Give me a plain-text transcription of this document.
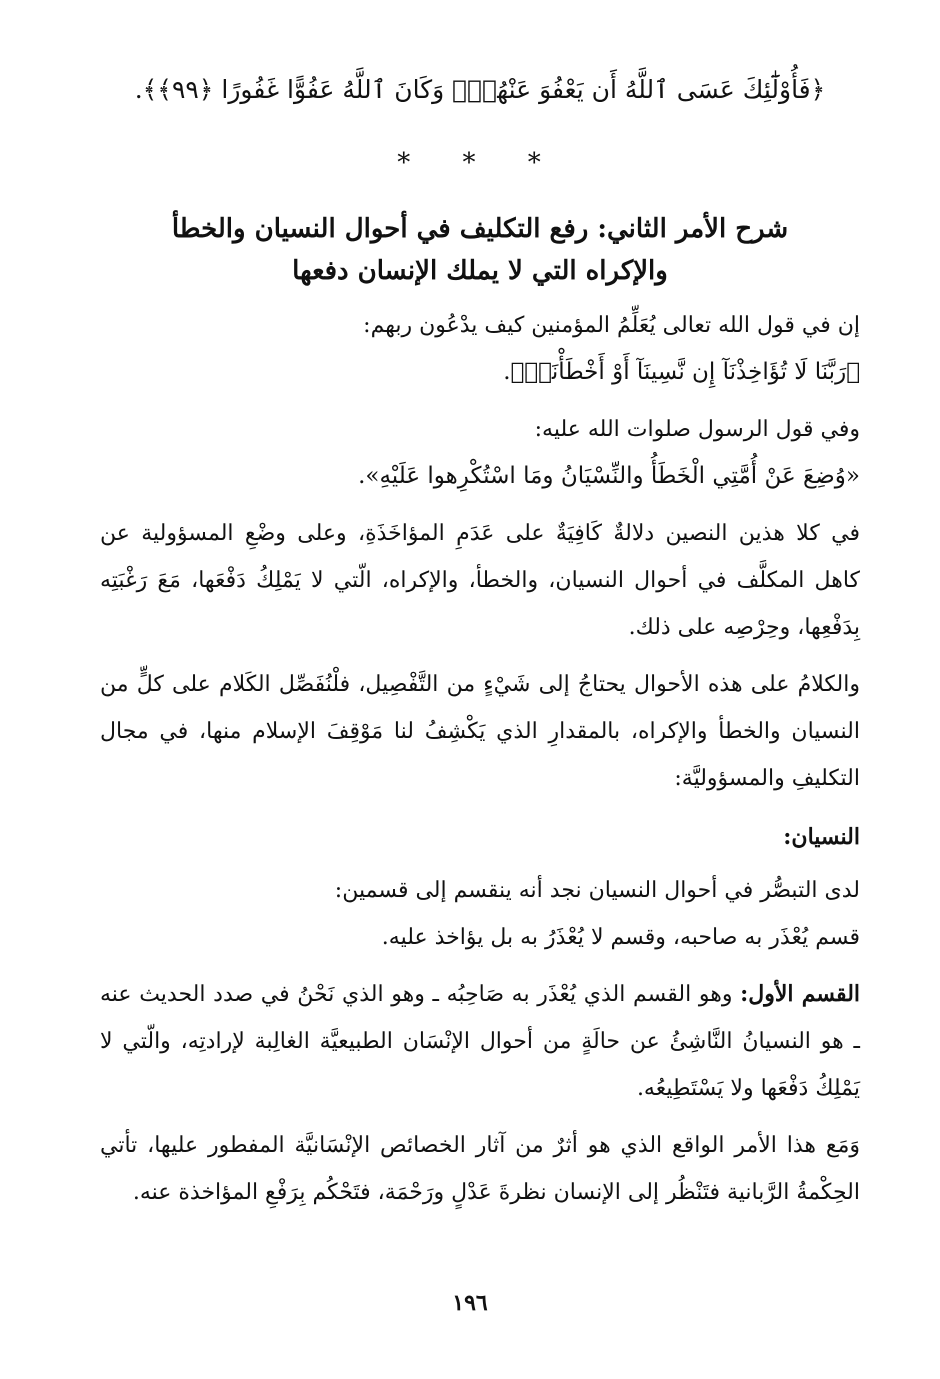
﴿فَأُوْلَٰٓئِكَ عَسَى ٱللَّهُ أَن يَعْفُوَ عَنْهُمْۚ وَكَانَ ٱللَّهُ عَفُوًّا غَفُورًا ﴿٩٩﴾﴾.
* * *
شرح الأمر الثاني: رفع التكليف في أحوال النسيان والخطأ
والإكراه التي لا يملك الإنسان دفعها

إن في قول الله تعالى يُعَلِّمُ المؤمنين كيف يدْعُون ربهم:

﴿رَبَّنَا لَا تُؤَاخِذْنَآ إِن نَّسِينَآ أَوْ أَخْطَأْنَاۚ﴾.

وفي قول الرسول صلوات الله عليه:

«وُضِعَ عَنْ أُمَّتِي الْخَطَأُ والنِّسْيَانُ ومَا اسْتُكْرِهوا عَلَيْهِ».

في كلا هذين النصين دلالةٌ كَافِيَةٌ على عَدَمِ المؤاخَذَةِ، وعلى وضْعِ المسؤولية عن كاهل المكلَّف في أحوال النسيان، والخطأ، والإكراه، الّتي لا يَمْلِكُ دَفْعَها، مَعَ رَغْبَتِه بِدَفْعِها، وحِرْصِه على ذلك.

والكلامُ على هذه الأحوال يحتاجُ إلى شَيْءٍ من التَّفْصِيل، فلْنُفَصِّل الكَلام على كلٍّ من النسيان والخطأ والإكراه، بالمقدارِ الذي يَكْشِفُ لنا مَوْقِفَ الإسلام منها، في مجال التكليفِ والمسؤوليَّة:

النسيان:

لدى التبصُّر في أحوال النسيان نجد أنه ينقسم إلى قسمين:

قسم يُعْذَر به صاحبه، وقسم لا يُعْذَرُ به بل يؤاخذ عليه.

القسم الأول: وهو القسم الذي يُعْذَر به صَاحِبُه ـ وهو الذي نَحْنُ في صدد الحديث عنه ـ هو النسيانُ النَّاشِئُ عن حالَةٍ من أحوال الإنْسَان الطبيعيَّة الغالِبة لإرادتِه، والّتي لا يَمْلِكُ دَفْعَها ولا يَسْتَطِيعُه.

وَمَع هذا الأمر الواقع الذي هو أثرٌ من آثار الخصائص الإنْسَانيَّة المفطور عليها، تأتي الحِكْمةُ الرَّبانية فتَنْظُر إلى الإنسان نظرةَ عَدْلٍ ورَحْمَة، فتَحْكُم بِرَفْعِ المؤاخذة عنه.

١٩٦
